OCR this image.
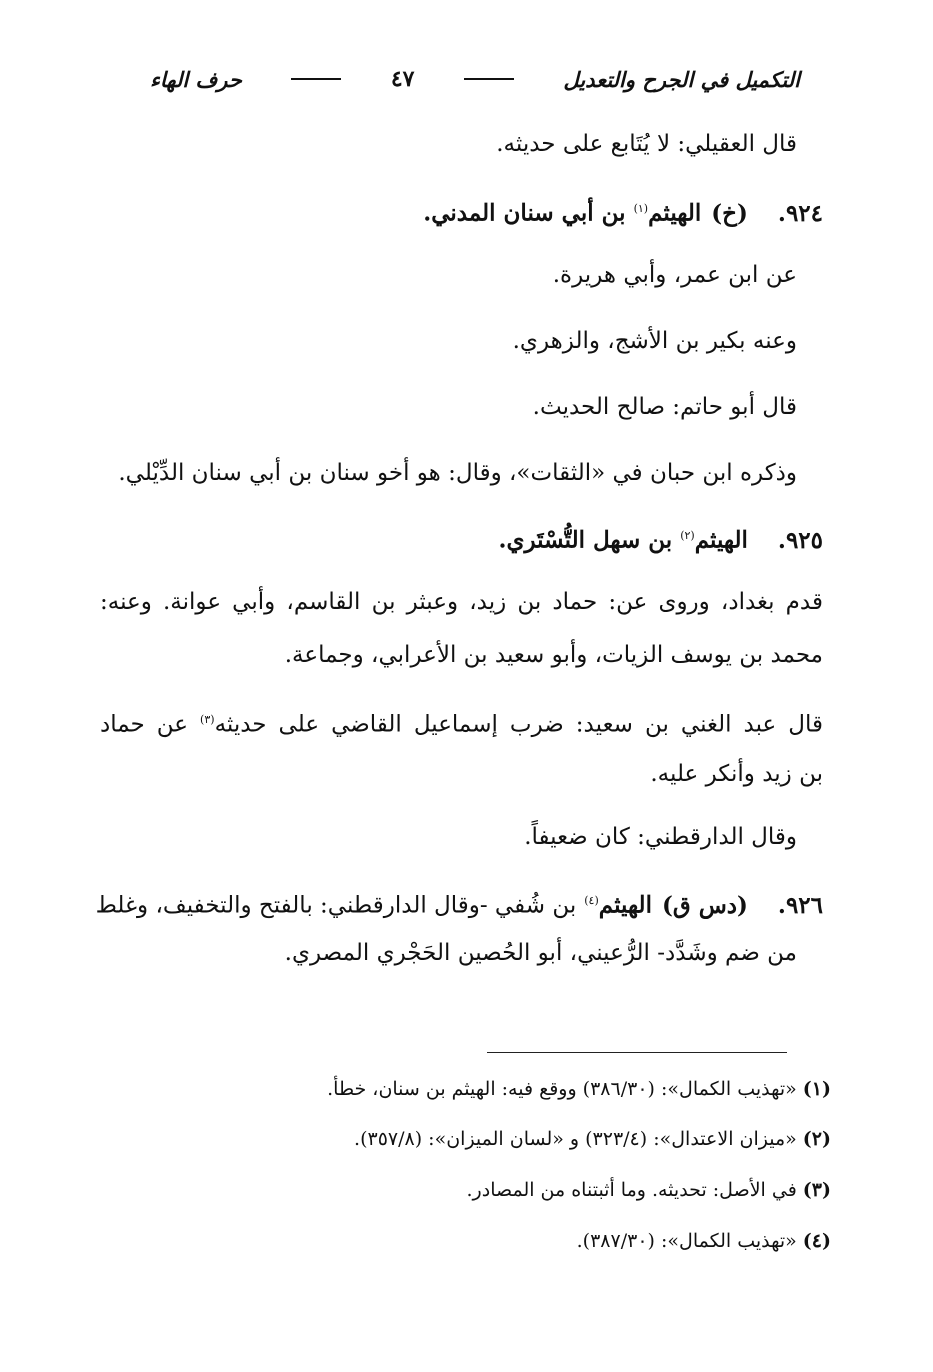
التكميل في الجرح والتعديل
٤٧
حرف الهاء
قال العقيلي: لا يُتَابع على حديثه.
٩٢٤. (خ) الهيثم$^{(١)}$ بن أبي سنان المدني.
عن ابن عمر، وأبي هريرة.
وعنه بكير بن الأشج، والزهري.
قال أبو حاتم: صالح الحديث.
وذكره ابن حبان في «الثقات»، وقال: هو أخو سنان بن أبي سنان الدِّيْلي.
٩٢٥. الهيثم$^{(٢)}$ بن سهل التُّسْتَري.
قدم بغداد، وروى عن: حماد بن زيد، وعبثر بن القاسم، وأبي عوانة. وعنه:
محمد بن يوسف الزيات، وأبو سعيد بن الأعرابي، وجماعة.
قال عبد الغني بن سعيد: ضرب إسماعيل القاضي على حديثه$^{(٣)}$ عن حماد
بن زيد وأنكر عليه.
وقال الدارقطني: كان ضعيفاً.
٩٢٦. (دس ق) الهيثم$^{(٤)}$ بن شُفي -وقال الدارقطني: بالفتح والتخفيف، وغلط
من ضم وشَدَّد- الرُّعيني، أبو الحُصين الحَجْري المصري.
(١)«تهذيب الكمال»: (٣٨٦/٣٠) ووقع فيه: الهيثم بن سنان، خطأ.
(٢)«ميزان الاعتدال»: (٣٢٣/٤) و «لسان الميزان»: (٣٥٧/٨).
(٣)في الأصل: تحديثه. وما أثبتناه من المصادر.
(٤)«تهذيب الكمال»: (٣٨٧/٣٠).
